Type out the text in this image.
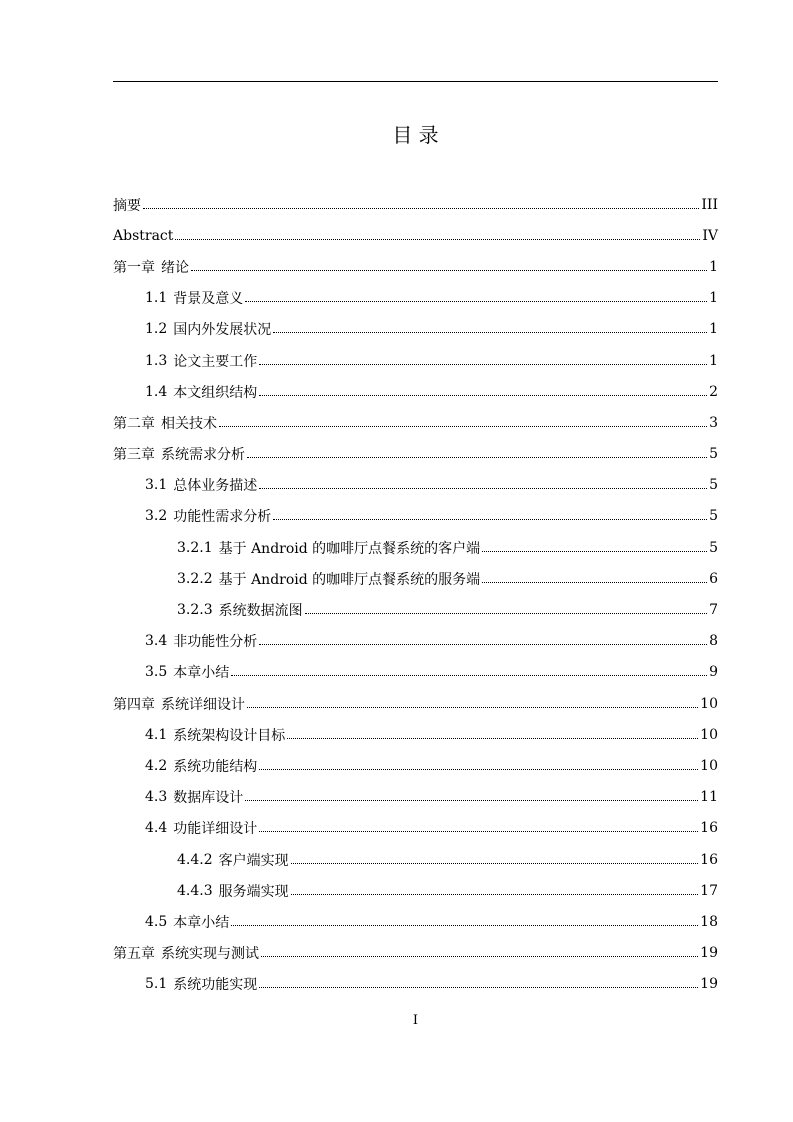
目 录
摘要	III
Abstract	IV
第一章 绪论	1
1.1 背景及意义	1
1.2 国内外发展状况	1
1.3 论文主要工作	1
1.4 本文组织结构	2
第二章 相关技术	3
第三章 系统需求分析	5
3.1 总体业务描述	5
3.2 功能性需求分析	5
3.2.1 基于 Android 的咖啡厅点餐系统的客户端	5
3.2.2 基于 Android 的咖啡厅点餐系统的服务端	6
3.2.3 系统数据流图	7
3.4 非功能性分析	8
3.5 本章小结	9
第四章 系统详细设计	10
4.1 系统架构设计目标	10
4.2 系统功能结构	10
4.3 数据库设计	11
4.4 功能详细设计	16
4.4.2 客户端实现	16
4.4.3 服务端实现	17
4.5 本章小结	18
第五章 系统实现与测试	19
5.1 系统功能实现	19
I
